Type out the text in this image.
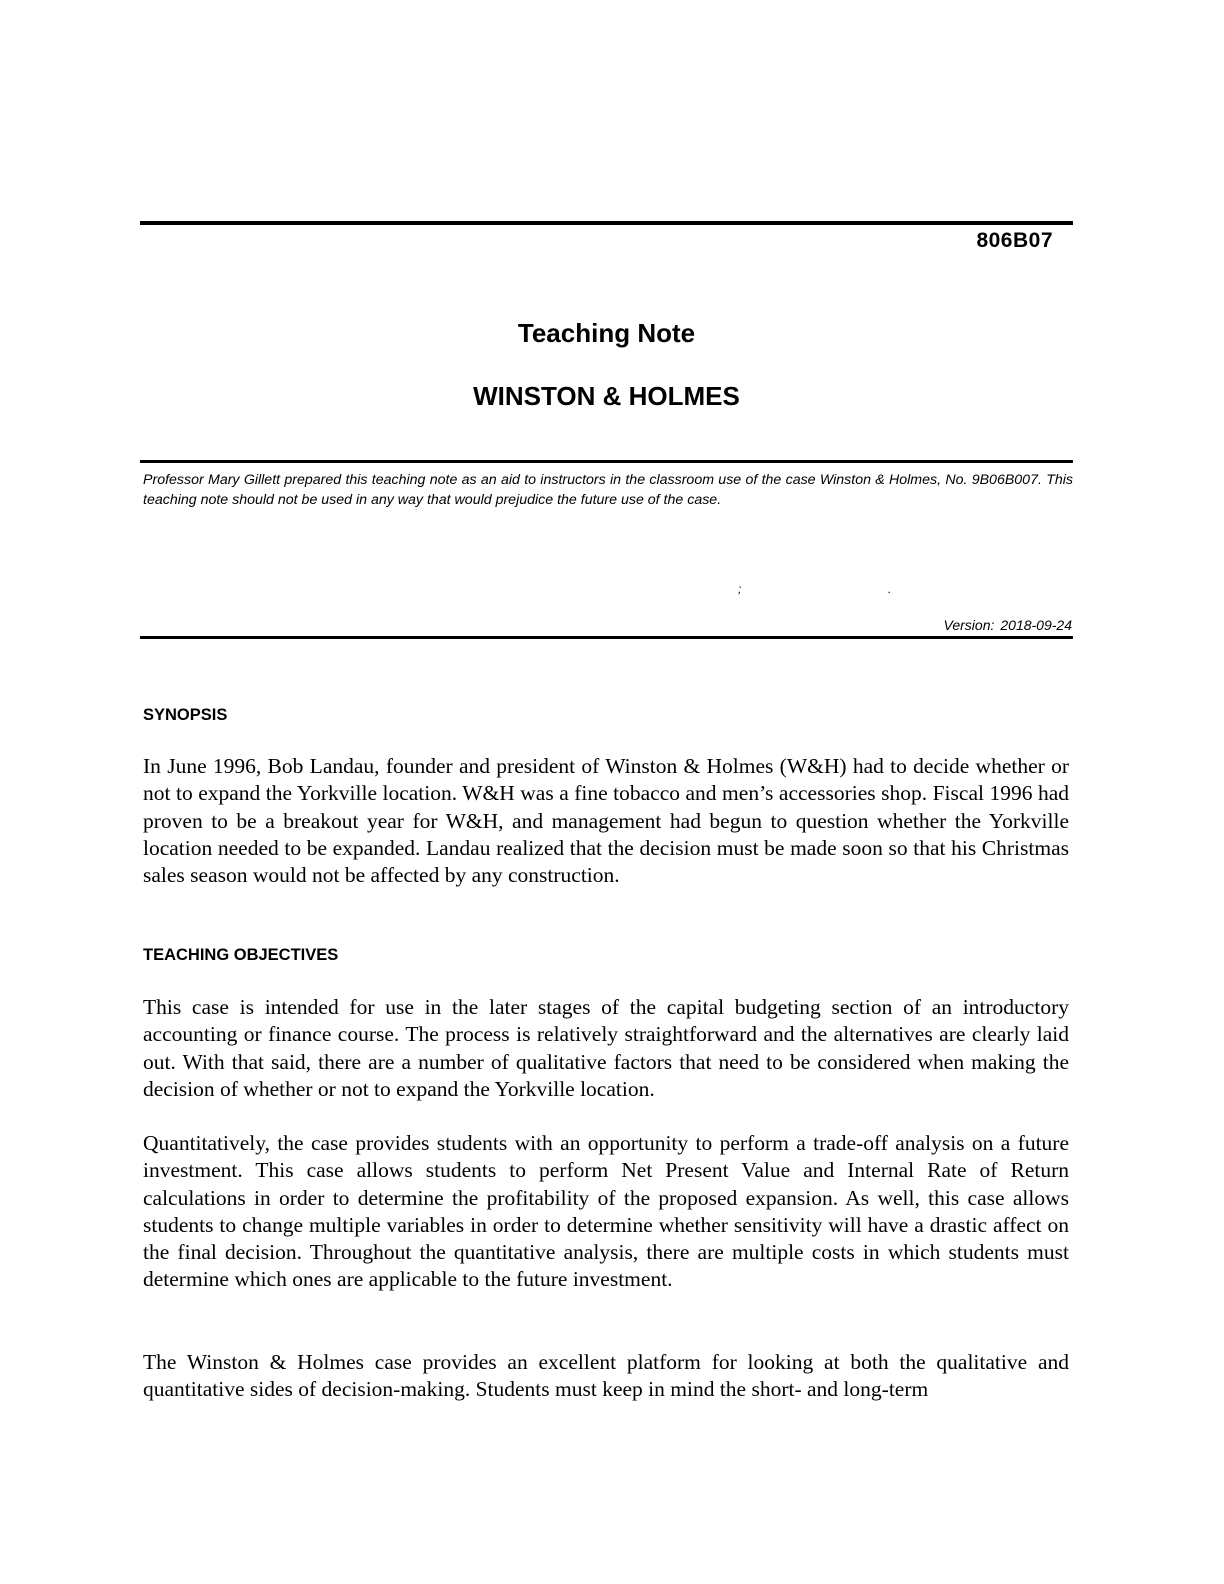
806B07
Teaching Note
WINSTON & HOLMES
Professor Mary Gillett prepared this teaching note as an aid to instructors in the classroom use of the case Winston & Holmes, No. 9B06B007. This teaching note should not be used in any way that would prejudice the future use of the case.
;	.
Version: 2018-09-24
SYNOPSIS
In June 1996, Bob Landau, founder and president of Winston & Holmes (W&H) had to decide whether or not to expand the Yorkville location. W&H was a fine tobacco and men’s accessories shop. Fiscal 1996 had proven to be a breakout year for W&H, and management had begun to question whether the Yorkville location needed to be expanded. Landau realized that the decision must be made soon so that his Christmas sales season would not be affected by any construction.
TEACHING OBJECTIVES
This case is intended for use in the later stages of the capital budgeting section of an introductory accounting or finance course. The process is relatively straightforward and the alternatives are clearly laid out. With that said, there are a number of qualitative factors that need to be considered when making the decision of whether or not to expand the Yorkville location.
Quantitatively, the case provides students with an opportunity to perform a trade-off analysis on a future investment. This case allows students to perform Net Present Value and Internal Rate of Return calculations in order to determine the profitability of the proposed expansion. As well, this case allows students to change multiple variables in order to determine whether sensitivity will have a drastic affect on the final decision. Throughout the quantitative analysis, there are multiple costs in which students must determine which ones are applicable to the future investment.
The Winston & Holmes case provides an excellent platform for looking at both the qualitative and quantitative sides of decision-making. Students must keep in mind the short- and long-term
